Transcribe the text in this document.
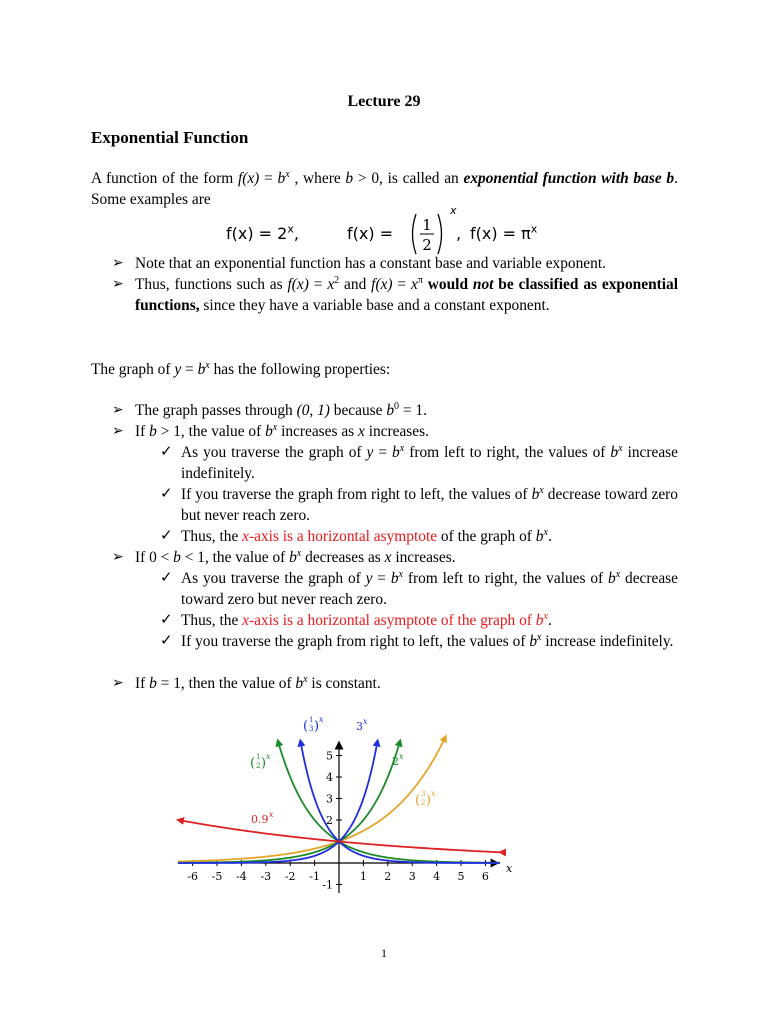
Lecture 29
Exponential Function
A function of the form $f(x) = b^x$ , where b > 0, is called an exponential function with base b. Some examples are
$f(x) = 2^x$,	f(x) = 1
2
x
, $f(x) = \pi^x$
➢ Note that an exponential function has a constant base and variable exponent.
➢ Thus, functions such as $f(x) = x^2$ and $f(x) = x^\pi$ would not be classified as exponential functions, since they have a variable base and a constant exponent.
The graph of $y = b^x$ has the following properties:
➢ The graph passes through (0, 1) because $b^0 = 1$.
➢ If b > 1, the value of $b^x$ increases as x increases.
✓ As you traverse the graph of $y = b^x$ from left to right, the values of $b^x$ increase indefinitely.
✓ If you traverse the graph from right to left, the values of $b^x$ decrease toward zero but never reach zero.
✓ Thus, the x-axis is a horizontal asymptote of the graph of $b^x$.
➢ If 0 < b < 1, the value of $b^x$ decreases as x increases.
✓ As you traverse the graph of $y = b^x$ from left to right, the values of $b^x$ decrease toward zero but never reach zero.
✓ Thus, the x-axis is a horizontal asymptote of the graph of $b^x$.
✓ If you traverse the graph from right to left, the values of $b^x$ increase indefinitely.
➢ If b = 1, then the value of $b^x$ is constant.
-6 -5 -4 -3 -2 -1	1 2 3 4 5 6
5
4
3
2
-1
( 1
3 ) x
3 x
( 1
2 ) x	2 x
( 3
2 ) x
0.9 x
x
1
